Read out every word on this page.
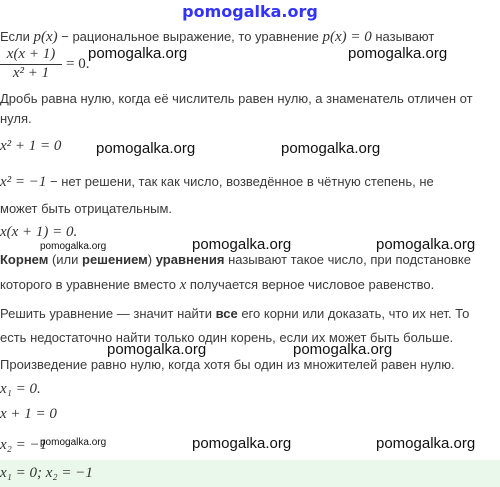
pomogalka.org
Если p(x) − рациональное выражение, то уравнение p(x) = 0 называют
$\frac{x(x + 1)}{\text{x² + 1}} = 0$.
Дробь равна нулю, когда её числитель равен нулю, а знаменатель отличен от
нуля.
x² + 1 = 0
x² = −1 − нет решени, так как число, возведённое в чётную степень, не
может быть отрицательным.
x(x + 1) = 0.
Корнем (или решением) уравнения называют такое число, при подстановке
которого в уравнение вместо x получается верное числовое равенство.
Решить уравнение — значит найти все его корни или доказать, что их нет. То
есть недостаточно найти только один корень, если их может быть больше.
Произведение равно нулю, когда хотя бы один из множителей равен нулю.
x₁ = 0.
x + 1 = 0
x₂ = −1
x₁ = 0; x₂ = −1
pomogalka.org	pomogalka.org
pomogalka.org	pomogalka.org
pomogalka.org	pomogalka.org	pomogalka.org
pomogalka.org	pomogalka.org
pomogalka.org	pomogalka.org	pomogalka.org
